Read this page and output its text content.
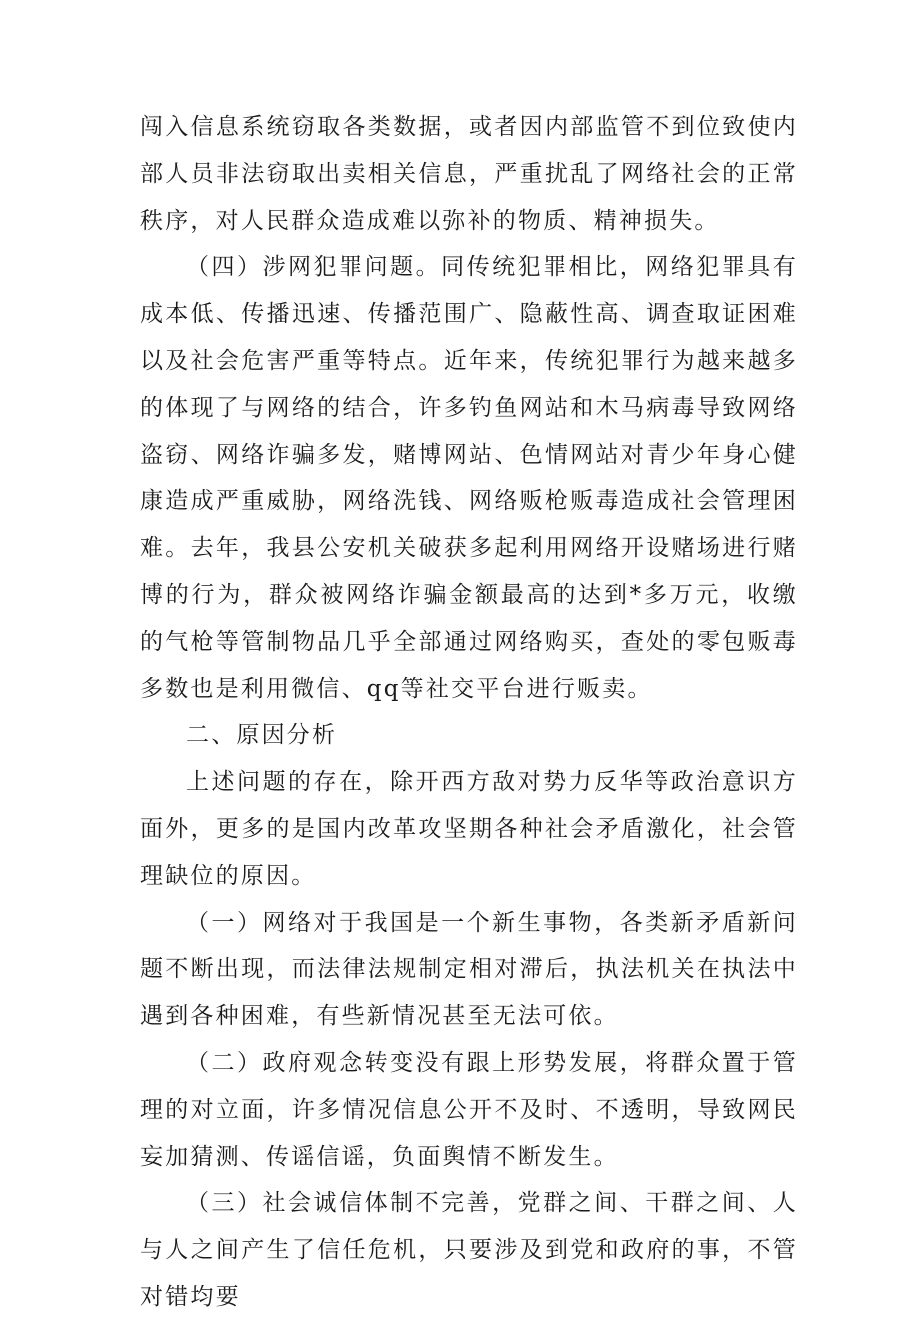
闯入信息系统窃取各类数据，或者因内部监管不到位致使内部人员非法窃取出卖相关信息，严重扰乱了网络社会的正常秩序，对人民群众造成难以弥补的物质、精神损失。

（四）涉网犯罪问题。同传统犯罪相比，网络犯罪具有成本低、传播迅速、传播范围广、隐蔽性高、调查取证困难以及社会危害严重等特点。近年来，传统犯罪行为越来越多的体现了与网络的结合，许多钓鱼网站和木马病毒导致网络盗窃、网络诈骗多发，赌博网站、色情网站对青少年身心健康造成严重威胁，网络洗钱、网络贩枪贩毒造成社会管理困难。去年，我县公安机关破获多起利用网络开设赌场进行赌博的行为，群众被网络诈骗金额最高的达到*多万元，收缴的气枪等管制物品几乎全部通过网络购买，查处的零包贩毒多数也是利用微信、qq等社交平台进行贩卖。

二、原因分析

上述问题的存在，除开西方敌对势力反华等政治意识方面外，更多的是国内改革攻坚期各种社会矛盾激化，社会管理缺位的原因。

（一）网络对于我国是一个新生事物，各类新矛盾新问题不断出现，而法律法规制定相对滞后，执法机关在执法中遇到各种困难，有些新情况甚至无法可依。

（二）政府观念转变没有跟上形势发展，将群众置于管理的对立面，许多情况信息公开不及时、不透明，导致网民妄加猜测、传谣信谣，负面舆情不断发生。

（三）社会诚信体制不完善，党群之间、干群之间、人与人之间产生了信任危机，只要涉及到党和政府的事，不管对错均要
